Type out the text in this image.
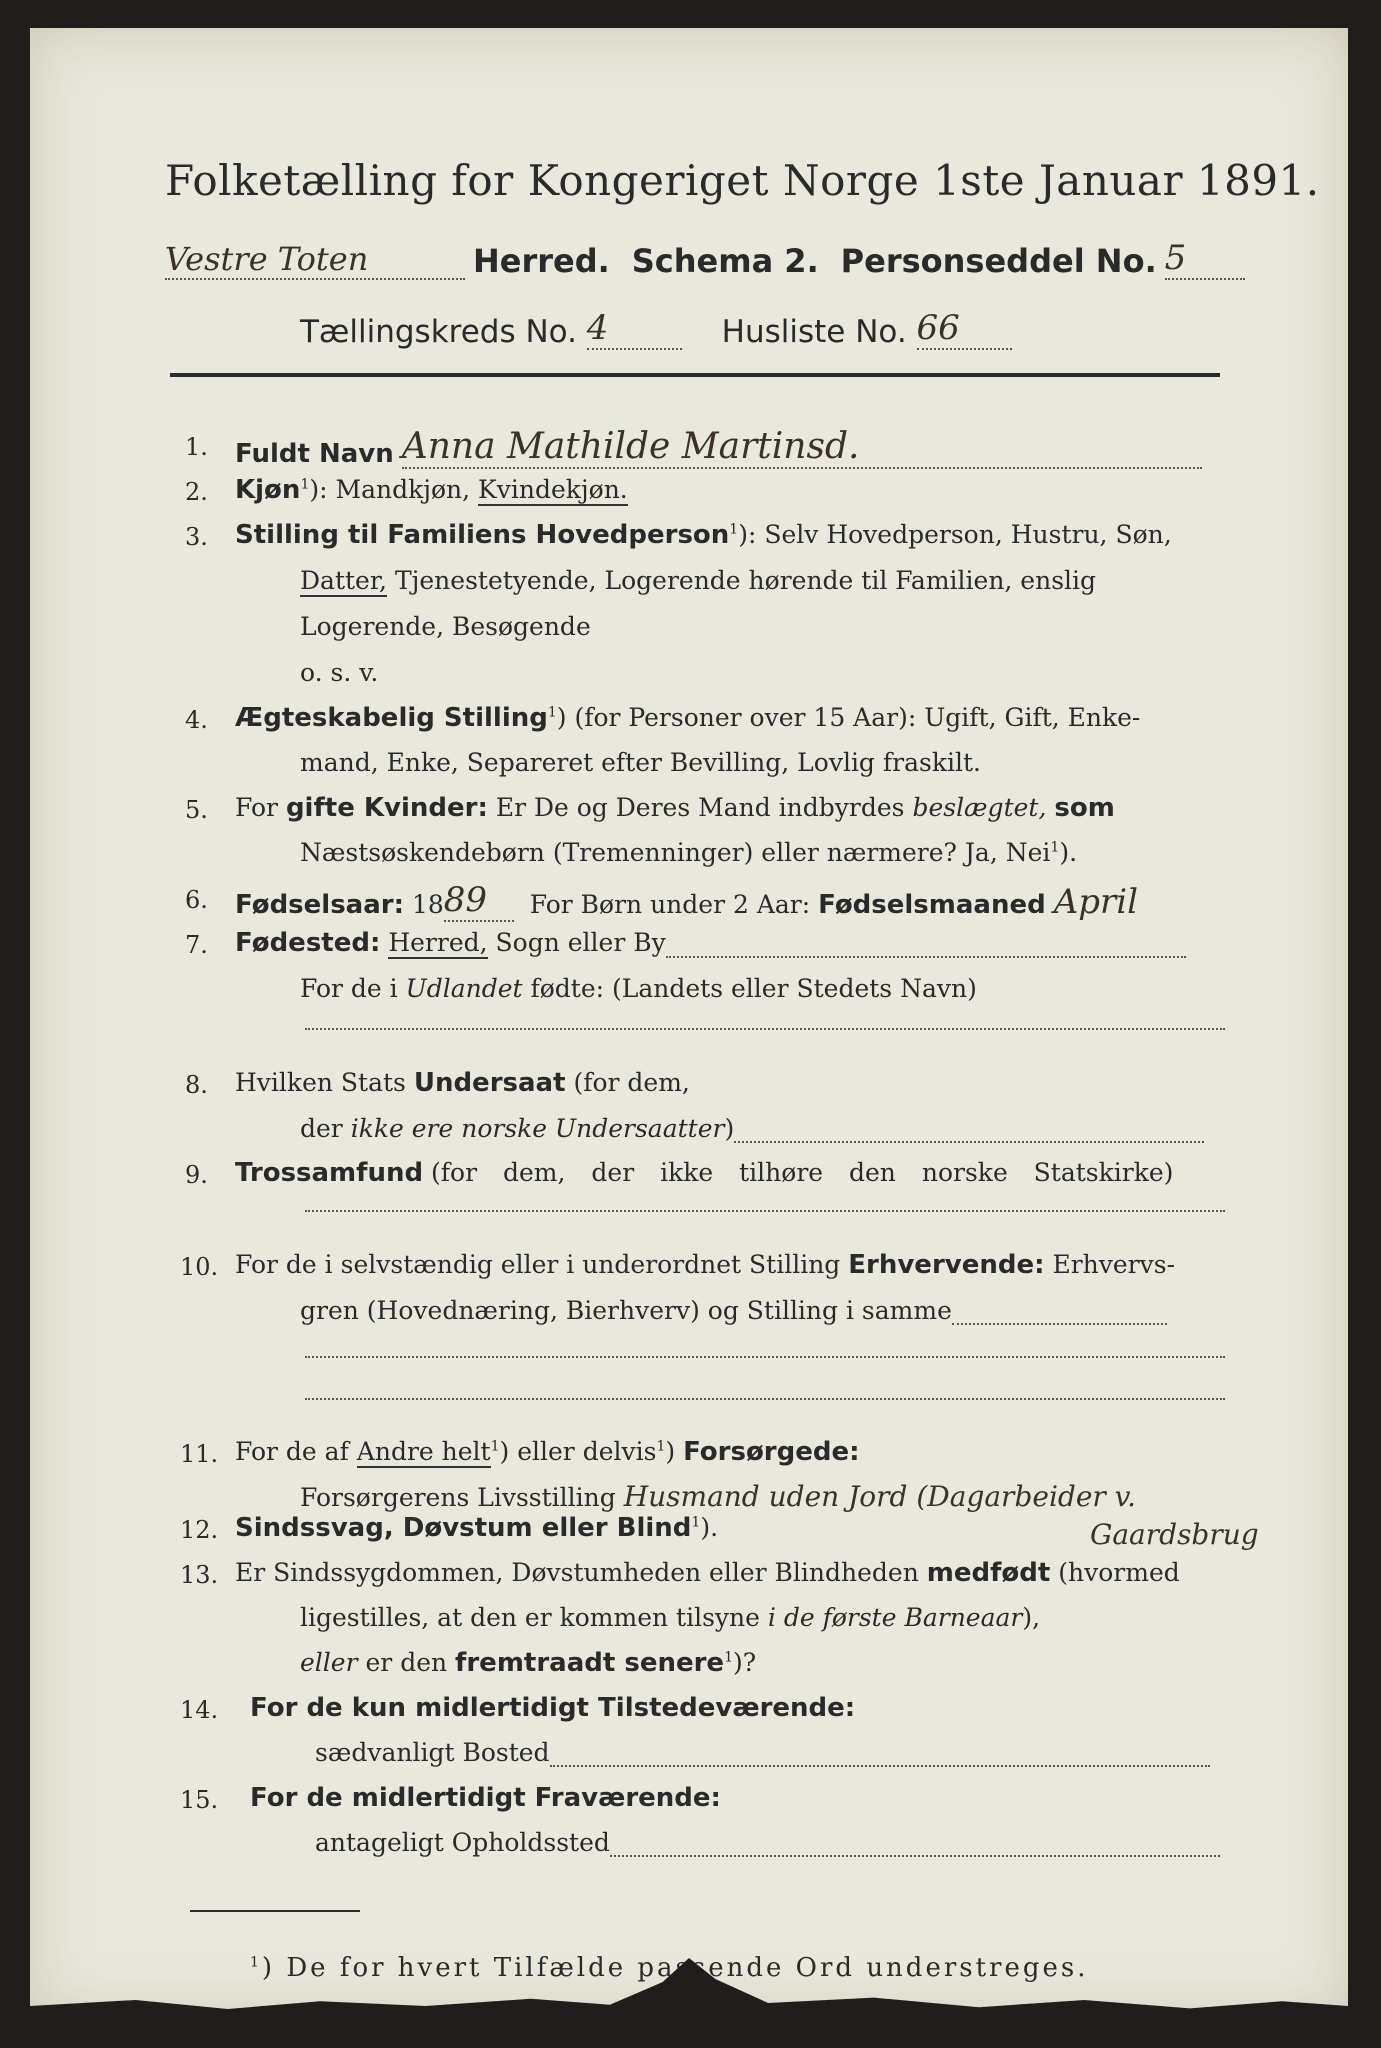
Folketælling for Kongeriget Norge 1ste Januar 1891.
Vestre Toten	Herred. Schema 2. Personseddel No. 5
Tællingskreds No. 4	Husliste No. 66
1. Fuldt Navn Anna Mathilde Martinsd.
2. Kjøn$^1$): Mandkjøn, Kvindekjøn.
3. Stilling til Familiens Hovedperson$^1$): Selv Hovedperson, Hustru, Søn,
Datter, Tjenestetyende, Logerende hørende til Familien, enslig
Logerende, Besøgende
o. s. v.
4. Ægteskabelig Stilling$^1$) (for Personer over 15 Aar): Ugift, Gift, Enke-
mand, Enke, Separeret efter Bevilling, Lovlig fraskilt.
5. For gifte Kvinder: Er De og Deres Mand indbyrdes beslægtet, som
Næstsøskendebørn (Tremenninger) eller nærmere? Ja, Nei$^1$).
6. Fødselsaar: 1889 For Børn under 2 Aar: Fødselsmaaned April
7. Fødested: Herred, Sogn eller By
For de i Udlandet fødte: (Landets eller Stedets Navn)
8. Hvilken Stats Undersaat (for dem,
der ikke ere norske Undersaatter)
9. Trossamfund (for dem, der ikke tilhøre den norske Statskirke)
10. For de i selvstændig eller i underordnet Stilling Erhvervende: Erhvervs-
gren (Hovednæring, Bierhverv) og Stilling i samme
11. For de af Andre helt$^1$) eller delvis$^1$) Forsørgede:
Forsørgerens Livsstilling Husmand uden Jord (Dagarbeider v.
Gaardsbrug
12. Sindssvag, Døvstum eller Blind$^1$).
13. Er Sindssygdommen, Døvstumheden eller Blindheden medfødt (hvormed
ligestilles, at den er kommen tilsyne i de første Barneaar),
eller er den fremtraadt senere$^1$)?
14. For de kun midlertidigt Tilstedeværende:
sædvanligt Bosted
15. For de midlertidigt Fraværende:
antageligt Opholdssted
$^1$) De for hvert Tilfælde passende Ord understreges.
